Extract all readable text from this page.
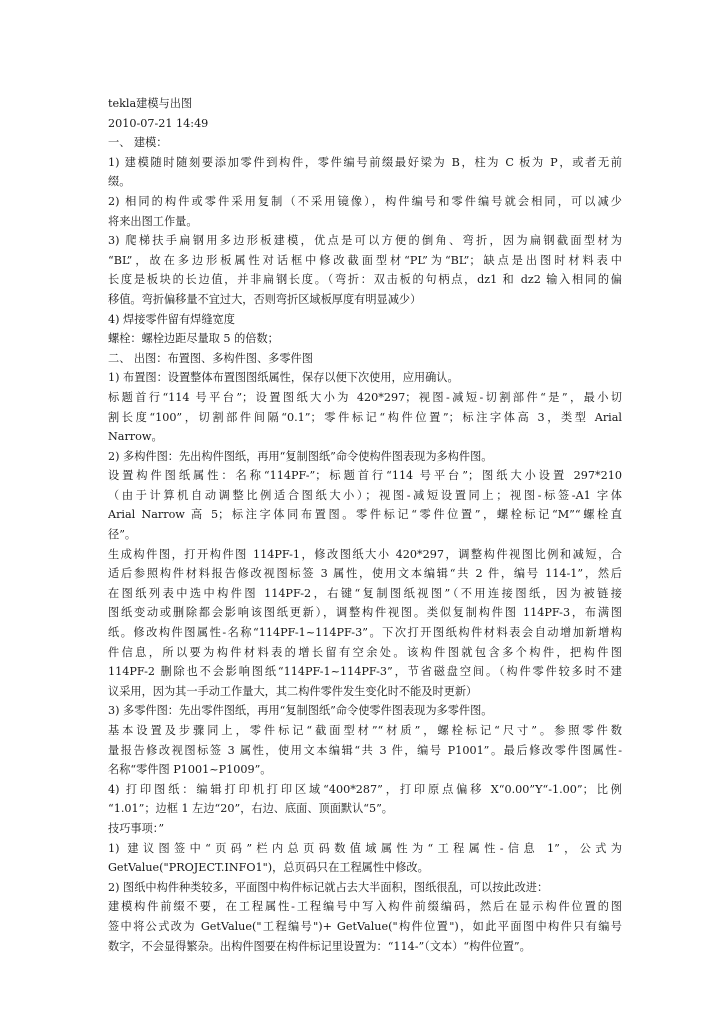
tekla建模与出图
2010-07-21 14:49
一、 建模：
1) 建模随时随刻要添加零件到构件，零件编号前缀最好梁为 B，柱为 C 板为 P，或者无前
缀。
2) 相同的构件或零件采用复制（不采用镜像），构件编号和零件编号就会相同，可以减少
将来出图工作量。
3) 爬梯扶手扁钢用多边形板建模，优点是可以方便的倒角、弯折，因为扁钢截面型材为
“BL”，故在多边形板属性对话框中修改截面型材“PL”为“BL”；缺点是出图时材料表中
长度是板块的长边值，并非扁钢长度。（弯折：双击板的句柄点，dz1 和 dz2 输入相同的偏
移值。弯折偏移量不宜过大，否则弯折区域板厚度有明显减少）
4) 焊接零件留有焊缝宽度
螺栓：螺栓边距尽量取 5 的倍数；
二、 出图：布置图、多构件图、多零件图
1) 布置图：设置整体布置图图纸属性，保存以便下次使用，应用确认。
标题首行“114 号平台”；设置图纸大小为 420*297；视图-减短-切割部件“是”，最小切
割长度“100”，切割部件间隔“0.1”；零件标记“构件位置”；标注字体高 3，类型 Arial
Narrow。
2) 多构件图：先出构件图纸，再用“复制图纸”命令使构件图表现为多构件图。
设置构件图纸属性：名称“114PF-”；标题首行“114 号平台”；图纸大小设置 297*210
（由于计算机自动调整比例适合图纸大小）；视图-减短设置同上；视图-标签-A1 字体
Arial Narrow 高 5；标注字体同布置图。零件标记“零件位置”，螺栓标记“M”“螺栓直
径”。
生成构件图，打开构件图 114PF-1，修改图纸大小 420*297，调整构件视图比例和减短，合
适后参照构件材料报告修改视图标签 3 属性，使用文本编辑“共 2 件，编号 114-1”，然后
在图纸列表中选中构件图 114PF-2，右键“复制图纸视图”（不用连接图纸，因为被链接
图纸变动或删除都会影响该图纸更新），调整构件视图。类似复制构件图 114PF-3，布满图
纸。修改构件图属性-名称“114PF-1~114PF-3”。下次打开图纸构件材料表会自动增加新增构
件信息，所以要为构件材料表的增长留有空余处。该构件图就包含多个构件，把构件图
114PF-2 删除也不会影响图纸“114PF-1~114PF-3”，节省磁盘空间。（构件零件较多时不建
议采用，因为其一手动工作量大，其二构件零件发生变化时不能及时更新）
3) 多零件图：先出零件图纸，再用“复制图纸”命令使零件图表现为多零件图。
基本设置及步骤同上，零件标记“截面型材”“材质”，螺栓标记“尺寸”。参照零件数
量报告修改视图标签 3 属性，使用文本编辑“共 3 件，编号 P1001”。最后修改零件图属性-
名称“零件图 P1001~P1009”。
4) 打印图纸：编辑打印机打印区域“400*287”，打印原点偏移 X“0.00”Y“-1.00”；比例
“1.01”；边框 1 左边“20”，右边、底面、顶面默认“5”。
技巧事项：”
1) 建议图签中“页码”栏内总页码数值域属性为“工程属性-信息 1”，公式为
GetValue("PROJECT.INFO1")，总页码只在工程属性中修改。
2) 图纸中构件种类较多，平面图中构件标记就占去大半面积，图纸很乱，可以按此改进：
建模构件前缀不要，在工程属性-工程编号中写入构件前缀编码，然后在显示构件位置的图
签中将公式改为 GetValue("工程编号")+ GetValue("构件位置")，如此平面图中构件只有编号
数字，不会显得繁杂。出构件图要在构件标记里设置为：“114-”（文本）“构件位置”。
